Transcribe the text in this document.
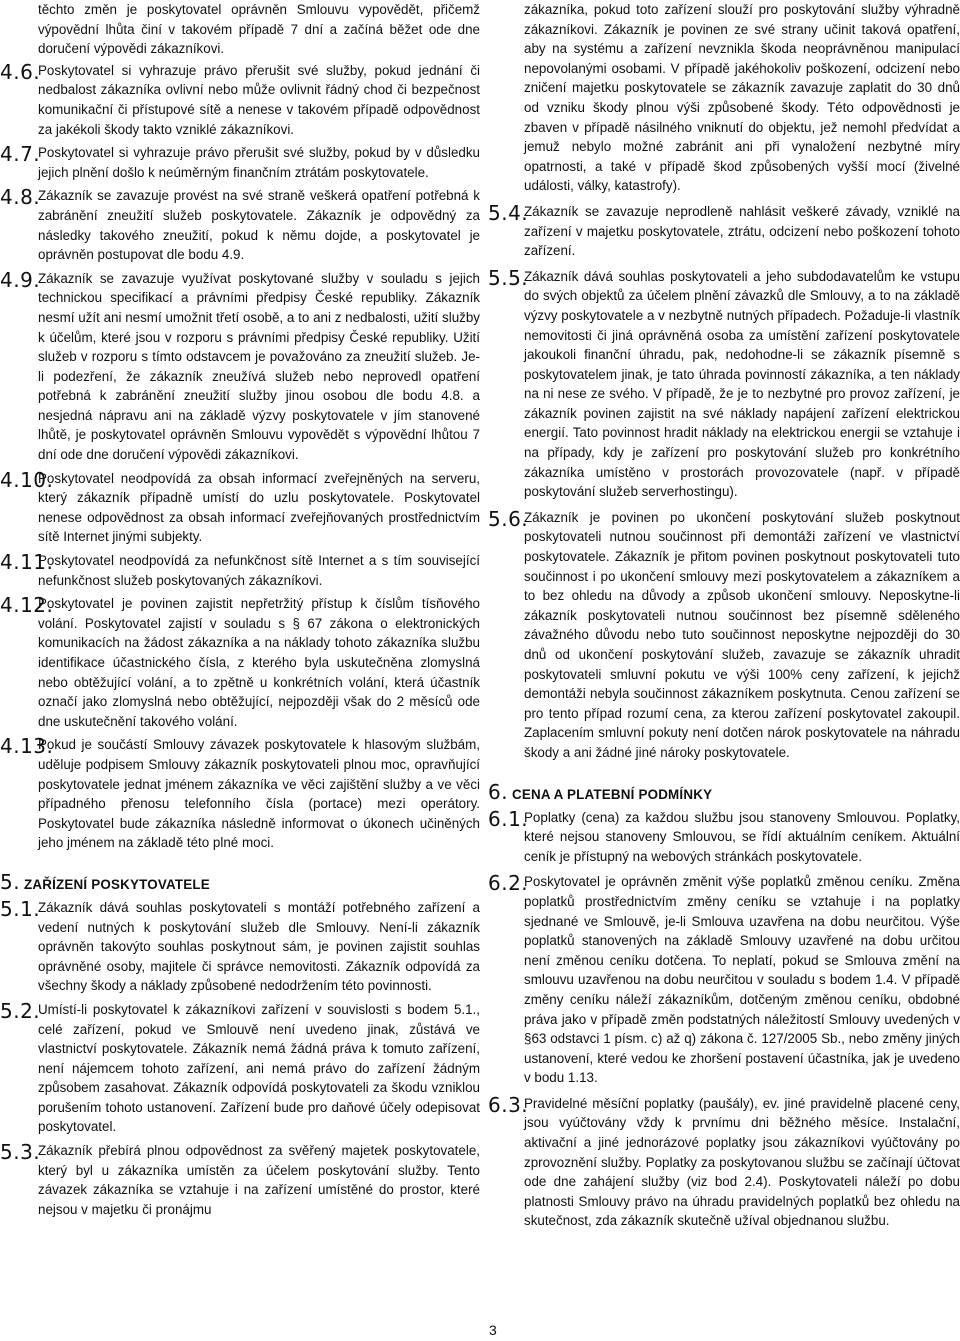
těchto změn je poskytovatel oprávněn Smlouvu vypovědět, přičemž výpovědní lhůta činí v takovém případě 7 dní a začíná běžet ode dne doručení výpovědi zákazníkovi.
4.6.
Poskytovatel si vyhrazuje právo přerušit své služby, pokud jednání či nedbalost zákazníka ovlivní nebo může ovlivnit řádný chod či bezpečnost komunikační či přístupové sítě a nenese v takovém případě odpovědnost za jakékoli škody takto vzniklé zákazníkovi.
4.7.
Poskytovatel si vyhrazuje právo přerušit své služby, pokud by v důsledku jejich plnění došlo k neúměrným finančním ztrátám poskytovatele.
4.8.
Zákazník se zavazuje provést na své straně veškerá opatření potřebná k zabránění zneužití služeb poskytovatele. Zákazník je odpovědný za následky takového zneužití, pokud k němu dojde, a poskytovatel je oprávněn postupovat dle bodu 4.9.
4.9.
Zákazník se zavazuje využívat poskytované služby v souladu s jejich technickou specifikací a právními předpisy České republiky. Zákazník nesmí užít ani nesmí umožnit třetí osobě, a to ani z nedbalosti, užití služby k účelům, které jsou v rozporu s právními předpisy České republiky. Užití služeb v rozporu s tímto odstavcem je považováno za zneužití služeb. Je-li podezření, že zákazník zneužívá služeb nebo neprovedl opatření potřebná k zabránění zneužití služby jinou osobou dle bodu 4.8. a nesjedná nápravu ani na základě výzvy poskytovatele v jím stanovené lhůtě, je poskytovatel oprávněn Smlouvu vypovědět s výpovědní lhůtou 7 dní ode dne doručení výpovědi zákazníkovi.
4.10.
Poskytovatel neodpovídá za obsah informací zveřejněných na serveru, který zákazník případně umístí do uzlu poskytovatele. Poskytovatel nenese odpovědnost za obsah informací zveřejňovaných prostřednictvím sítě Internet jinými subjekty.
4.11.
Poskytovatel neodpovídá za nefunkčnost sítě Internet a s tím související nefunkčnost služeb poskytovaných zákazníkovi.
4.12.
Poskytovatel je povinen zajistit nepřetržitý přístup k číslům tísňového volání. Poskytovatel zajistí v souladu s § 67 zákona o elektronických komunikacích na žádost zákazníka a na náklady tohoto zákazníka službu identifikace účastnického čísla, z kterého byla uskutečněna zlomyslná nebo obtěžující volání, a to zpětně u konkrétních volání, která účastník označí jako zlomyslná nebo obtěžující, nejpozději však do 2 měsíců ode dne uskutečnění takového volání.
4.13.
Pokud je součástí Smlouvy závazek poskytovatele k hlasovým službám, uděluje podpisem Smlouvy zákazník poskytovateli plnou moc, opravňující poskytovatele jednat jménem zákazníka ve věci zajištění služby a ve věci případného přenosu telefonního čísla (portace) mezi operátory. Poskytovatel bude zákazníka následně informovat o úkonech učiněných jeho jménem na základě této plné moci.
5. ZAŘÍZENÍ POSKYTOVATELE
5.1.
Zákazník dává souhlas poskytovateli s montáží potřebného zařízení a vedení nutných k poskytování služeb dle Smlouvy. Není-li zákazník oprávněn takovýto souhlas poskytnout sám, je povinen zajistit souhlas oprávněné osoby, majitele či správce nemovitosti. Zákazník odpovídá za všechny škody a náklady způsobené nedodržením této povinnosti.
5.2.
Umístí-li poskytovatel k zákazníkovi zařízení v souvislosti s bodem 5.1., celé zařízení, pokud ve Smlouvě není uvedeno jinak, zůstává ve vlastnictví poskytovatele. Zákazník nemá žádná práva k tomuto zařízení, není nájemcem tohoto zařízení, ani nemá právo do zařízení žádným způsobem zasahovat. Zákazník odpovídá poskytovateli za škodu vzniklou porušením tohoto ustanovení. Zařízení bude pro daňové účely odepisovat poskytovatel.
5.3.
Zákazník přebírá plnou odpovědnost za svěřený majetek poskytovatele, který byl u zákazníka umístěn za účelem poskytování služby. Tento závazek zákazníka se vztahuje i na zařízení umístěné do prostor, které nejsou v majetku či pronájmu
zákazníka, pokud toto zařízení slouží pro poskytování služby výhradně zákazníkovi. Zákazník je povinen ze své strany učinit taková opatření, aby na systému a zařízení nevznikla škoda neoprávněnou manipulací nepovolanými osobami. V případě jakéhokoliv poškození, odcizení nebo zničení majetku poskytovatele se zákazník zavazuje zaplatit do 30 dnů od vzniku škody plnou výši způsobené škody. Této odpovědnosti je zbaven v případě násilného vniknutí do objektu, jež nemohl předvídat a jemuž nebylo možné zabránit ani při vynaložení nezbytné míry opatrnosti, a také v případě škod způsobených vyšší mocí (živelné události, války, katastrofy).
5.4.
Zákazník se zavazuje neprodleně nahlásit veškeré závady, vzniklé na zařízení v majetku poskytovatele, ztrátu, odcizení nebo poškození tohoto zařízení.
5.5.
Zákazník dává souhlas poskytovateli a jeho subdodavatelům ke vstupu do svých objektů za účelem plnění závazků dle Smlouvy, a to na základě výzvy poskytovatele a v nezbytně nutných případech. Požaduje-li vlastník nemovitosti či jiná oprávněná osoba za umístění zařízení poskytovatele jakoukoli finanční úhradu, pak, nedohodne-li se zákazník písemně s poskytovatelem jinak, je tato úhrada povinností zákazníka, a ten náklady na ni nese ze svého. V případě, že je to nezbytné pro provoz zařízení, je zákazník povinen zajistit na své náklady napájení zařízení elektrickou energií. Tato povinnost hradit náklady na elektrickou energii se vztahuje i na případy, kdy je zařízení pro poskytování služeb pro konkrétního zákazníka umístěno v prostorách provozovatele (např. v případě poskytování služeb serverhostingu).
5.6.
Zákazník je povinen po ukončení poskytování služeb poskytnout poskytovateli nutnou součinnost při demontáži zařízení ve vlastnictví poskytovatele. Zákazník je přitom povinen poskytnout poskytovateli tuto součinnost i po ukončení smlouvy mezi poskytovatelem a zákazníkem a to bez ohledu na důvody a způsob ukončení smlouvy. Neposkytne-li zákazník poskytovateli nutnou součinnost bez písemně sděleného závažného důvodu nebo tuto součinnost neposkytne nejpozději do 30 dnů od ukončení poskytování služeb, zavazuje se zákazník uhradit poskytovateli smluvní pokutu ve výši 100% ceny zařízení, k jejichž demontáži nebyla součinnost zákazníkem poskytnuta. Cenou zařízení se pro tento případ rozumí cena, za kterou zařízení poskytovatel zakoupil. Zaplacením smluvní pokuty není dotčen nárok poskytovatele na náhradu škody a ani žádné jiné nároky poskytovatele.
6. CENA A PLATEBNÍ PODMÍNKY
6.1.
Poplatky (cena) za každou službu jsou stanoveny Smlouvou. Poplatky, které nejsou stanoveny Smlouvou, se řídí aktuálním ceníkem. Aktuální ceník je přístupný na webových stránkách poskytovatele.
6.2.
Poskytovatel je oprávněn změnit výše poplatků změnou ceníku. Změna poplatků prostřednictvím změny ceníku se vztahuje i na poplatky sjednané ve Smlouvě, je-li Smlouva uzavřena na dobu neurčitou. Výše poplatků stanovených na základě Smlouvy uzavřené na dobu určitou není změnou ceníku dotčena. To neplatí, pokud se Smlouva změní na smlouvu uzavřenou na dobu neurčitou v souladu s bodem 1.4. V případě změny ceníku náleží zákazníkům, dotčeným změnou ceníku, obdobné práva jako v případě změn podstatných náležitostí Smlouvy uvedených v §63 odstavci 1 písm. c) až q) zákona č. 127/2005 Sb., nebo změny jiných ustanovení, které vedou ke zhoršení postavení účastníka, jak je uvedeno v bodu 1.13.
6.3.
Pravidelné měsíční poplatky (paušály), ev. jiné pravidelně placené ceny, jsou vyúčtovány vždy k prvnímu dni běžného měsíce. Instalační, aktivační a jiné jednorázové poplatky jsou zákazníkovi vyúčtovány po zprovoznění služby. Poplatky za poskytovanou službu se začínají účtovat ode dne zahájení služby (viz bod 2.4). Poskytovateli náleží po dobu platnosti Smlouvy právo na úhradu pravidelných poplatků bez ohledu na skutečnost, zda zákazník skutečně užíval objednanou službu.
3
